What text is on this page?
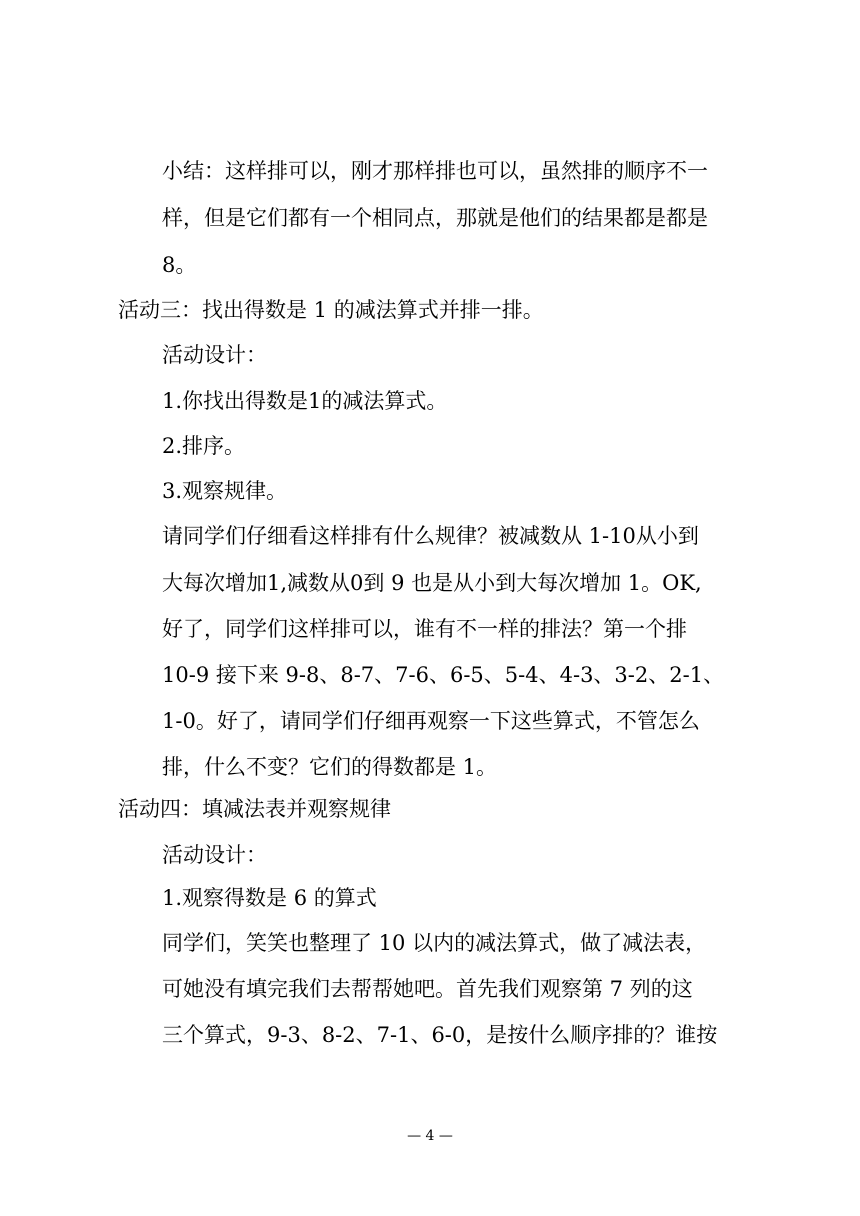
小结：这样排可以，刚才那样排也可以，虽然排的顺序不一
样，但是它们都有一个相同点，那就是他们的结果都是都是
8。
活动三：找出得数是 1 的减法算式并排一排。
活动设计：
1.你找出得数是1的减法算式。
2.排序。
3.观察规律。
请同学们仔细看这样排有什么规律？被减数从 1-10从小到
大每次增加1,减数从0到 9 也是从小到大每次增加 1。OK,
好了，同学们这样排可以，谁有不一样的排法？第一个排
10-9 接下来 9-8、8-7、7-6、6-5、5-4、4-3、3-2、2-1、
1-0。好了，请同学们仔细再观察一下这些算式，不管怎么
排，什么不变？它们的得数都是 1。
活动四：填减法表并观察规律
活动设计：
1.观察得数是 6 的算式
同学们，笑笑也整理了 10 以内的减法算式，做了减法表，
可她没有填完我们去帮帮她吧。首先我们观察第 7 列的这
三个算式，9-3、8-2、7-1、6-0，是按什么顺序排的？谁按
— 4 —
